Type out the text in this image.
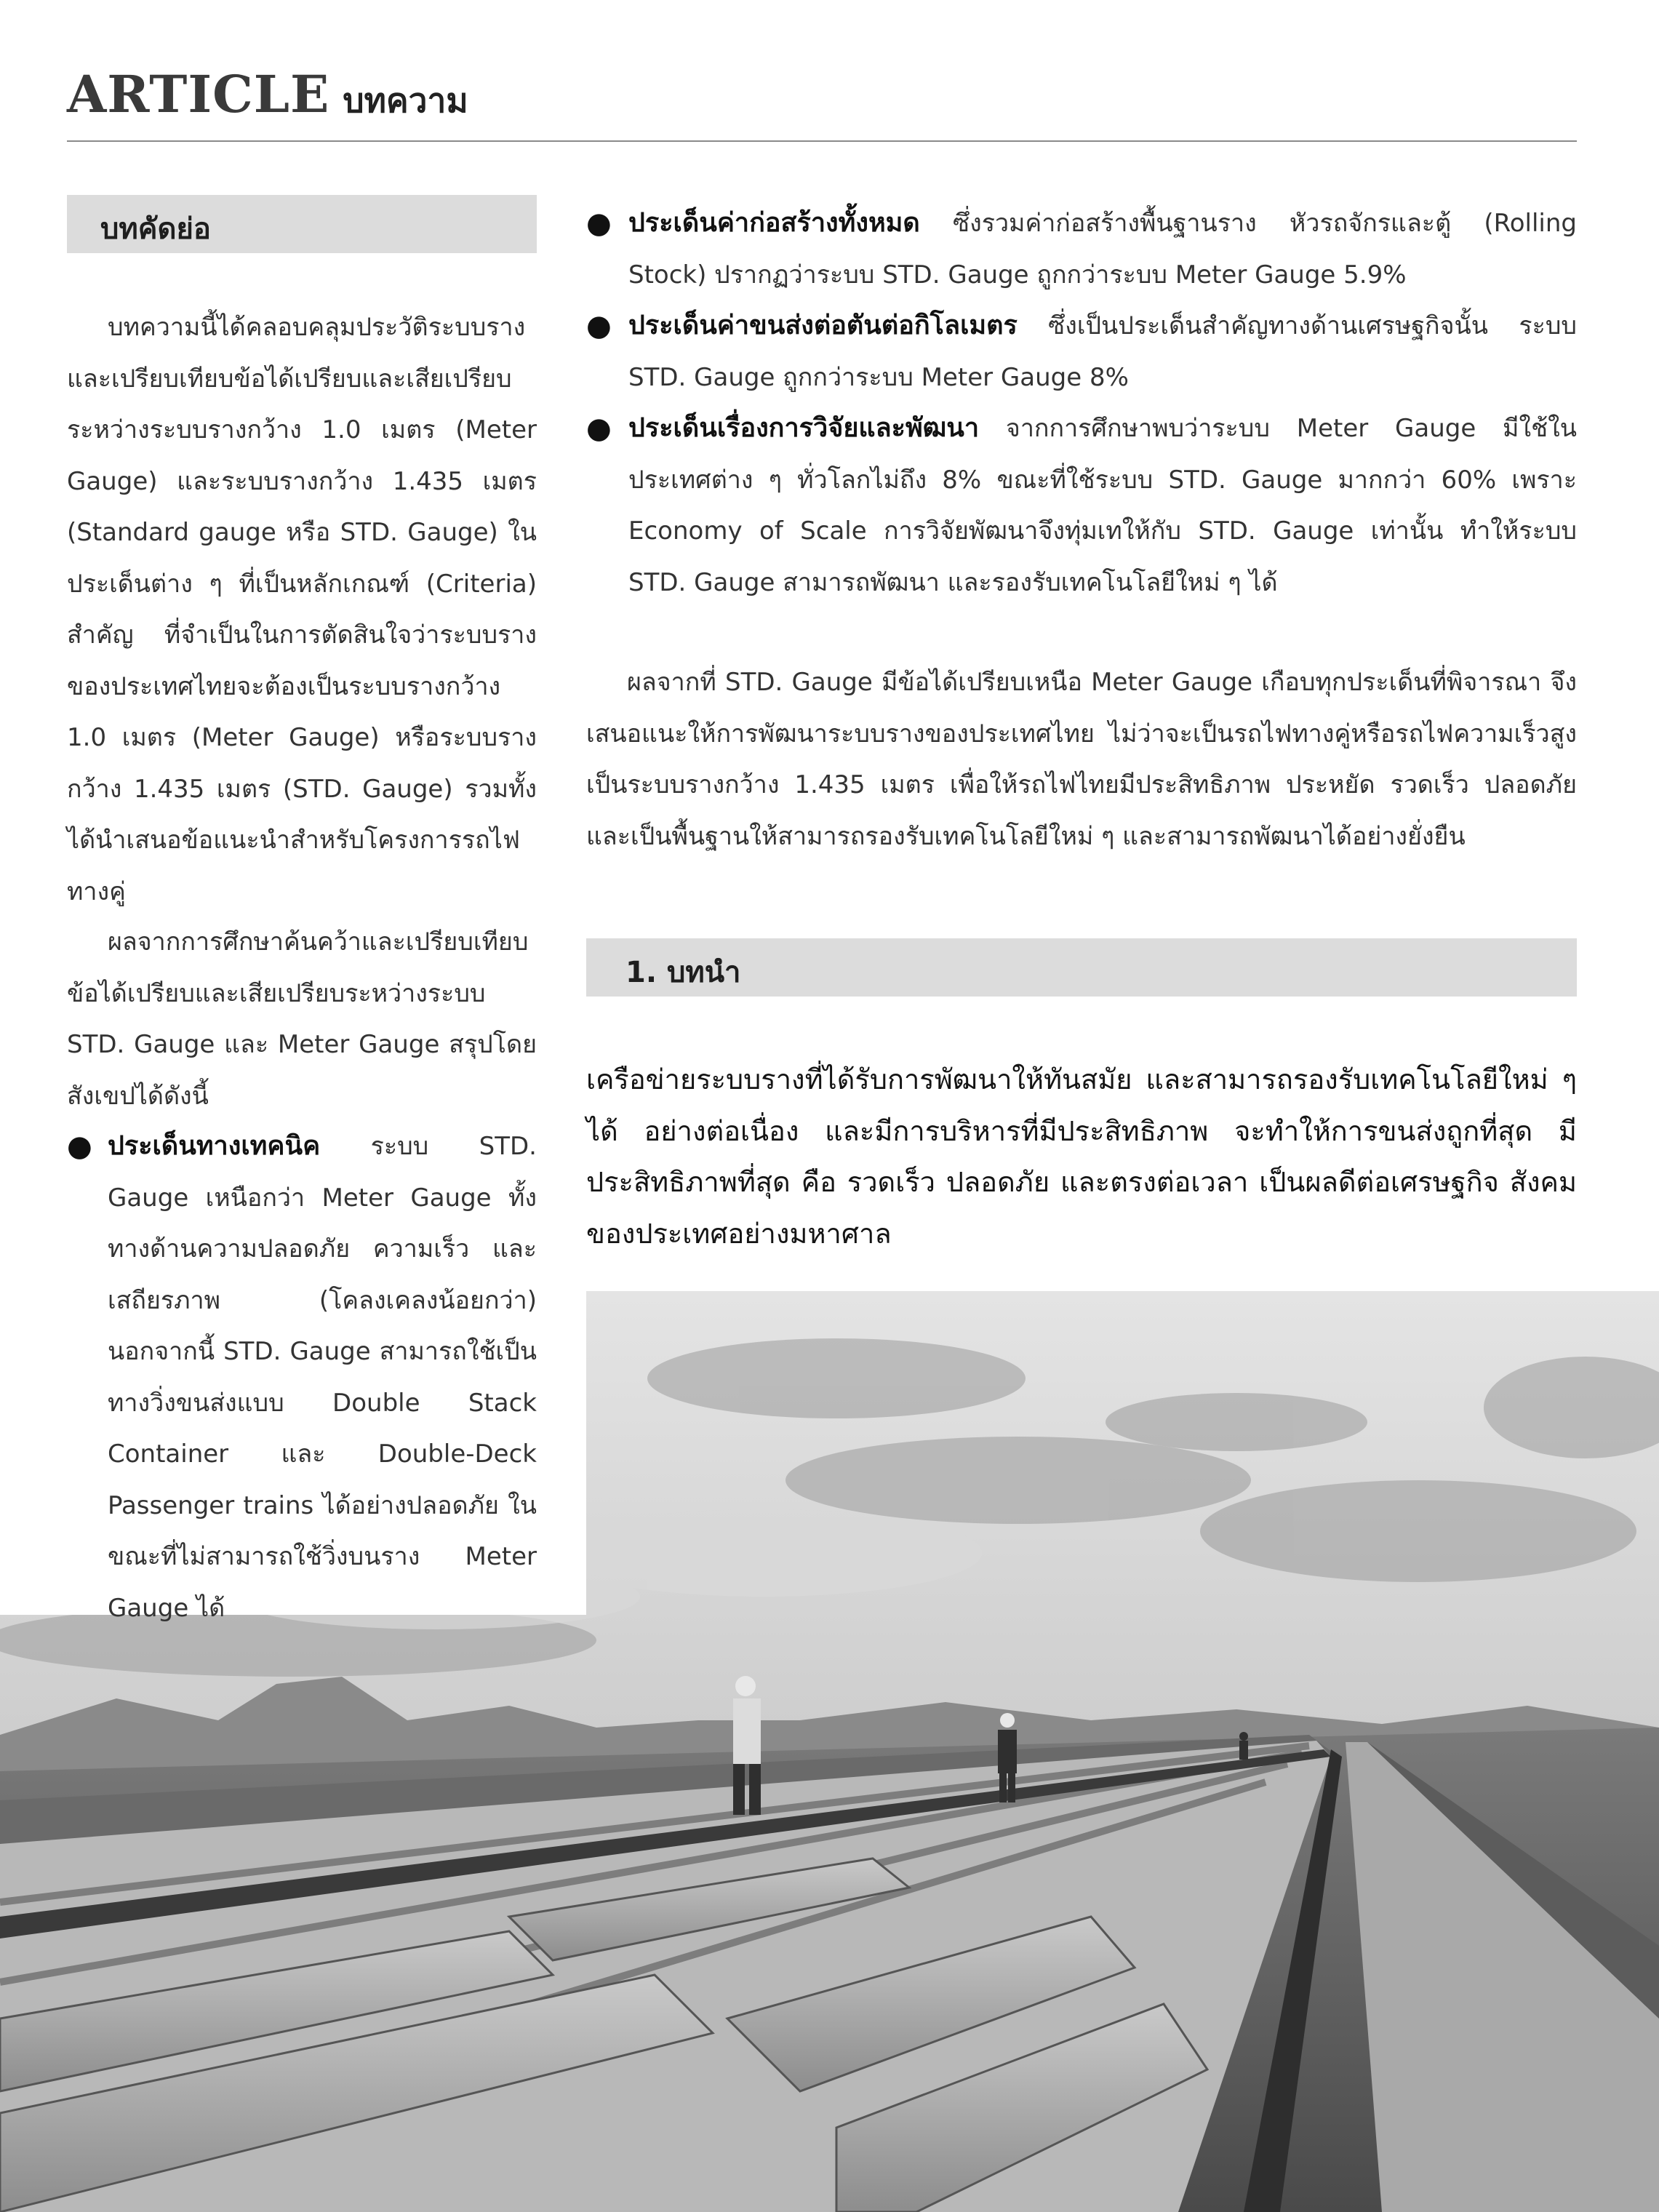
ARTICLE บทความ
บทคัดย่อ

บทความนี้ได้คลอบคลุมประวัติระบบรางและเปรียบเทียบข้อได้เปรียบและเสียเปรียบระหว่างระบบรางกว้าง 1.0 เมตร (Meter Gauge) และระบบรางกว้าง 1.435 เมตร (Standard gauge หรือ STD. Gauge) ในประเด็นต่าง ๆ ที่เป็นหลักเกณฑ์ (Criteria) สำคัญ ที่จำเป็นในการตัดสินใจว่าระบบรางของประเทศไทยจะต้องเป็นระบบรางกว้าง 1.0 เมตร (Meter Gauge) หรือระบบรางกว้าง 1.435 เมตร (STD. Gauge) รวมทั้งได้นำเสนอข้อแนะนำสำหรับโครงการรถไฟทางคู่

ผลจากการศึกษาค้นคว้าและเปรียบเทียบข้อได้เปรียบและเสียเปรียบระหว่างระบบ STD. Gauge และ Meter Gauge สรุปโดยสังเขปได้ดังนี้

● ประเด็นทางเทคนิค ระบบ STD. Gauge เหนือกว่า Meter Gauge ทั้งทางด้านความปลอดภัย ความเร็ว และเสถียรภาพ (โคลงเคลงน้อยกว่า) นอกจากนี้ STD. Gauge สามารถใช้เป็นทางวิ่งขนส่งแบบ Double Stack Container และ Double-Deck Passenger trains ได้อย่างปลอดภัย ในขณะที่ไม่สามารถใช้วิ่งบนราง Meter Gauge ได้

● ประเด็นค่าก่อสร้างทั้งหมด ซึ่งรวมค่าก่อสร้างพื้นฐานราง หัวรถจักรและตู้ (Rolling Stock) ปรากฏว่าระบบ STD. Gauge ถูกกว่าระบบ Meter Gauge 5.9%

● ประเด็นค่าขนส่งต่อตันต่อกิโลเมตร ซึ่งเป็นประเด็นสำคัญทางด้านเศรษฐกิจนั้น ระบบ STD. Gauge ถูกกว่าระบบ Meter Gauge 8%

● ประเด็นเรื่องการวิจัยและพัฒนา จากการศึกษาพบว่าระบบ Meter Gauge มีใช้ในประเทศต่าง ๆ ทั่วโลกไม่ถึง 8% ขณะที่ใช้ระบบ STD. Gauge มากกว่า 60% เพราะ Economy of Scale การวิจัยพัฒนาจึงทุ่มเทให้กับ STD. Gauge เท่านั้น ทำให้ระบบ STD. Gauge สามารถพัฒนา และรองรับเทคโนโลยีใหม่ ๆ ได้

ผลจากที่ STD. Gauge มีข้อได้เปรียบเหนือ Meter Gauge เกือบทุกประเด็นที่พิจารณา จึงเสนอแนะให้การพัฒนาระบบรางของประเทศไทย ไม่ว่าจะเป็นรถไฟทางคู่หรือรถไฟความเร็วสูง เป็นระบบรางกว้าง 1.435 เมตร เพื่อให้รถไฟไทยมีประสิทธิภาพ ประหยัด รวดเร็ว ปลอดภัย และเป็นพื้นฐานให้สามารถรองรับเทคโนโลยีใหม่ ๆ และสามารถพัฒนาได้อย่างยั่งยืน

1. บทนำ

เครือข่ายระบบรางที่ได้รับการพัฒนาให้ทันสมัย และสามารถรองรับเทคโนโลยีใหม่ ๆ ได้ อย่างต่อเนื่อง และมีการบริหารที่มีประสิทธิภาพ จะทำให้การขนส่งถูกที่สุด มีประสิทธิภาพที่สุด คือ รวดเร็ว ปลอดภัย และตรงต่อเวลา เป็นผลดีต่อเศรษฐกิจ สังคม ของประเทศอย่างมหาศาล
